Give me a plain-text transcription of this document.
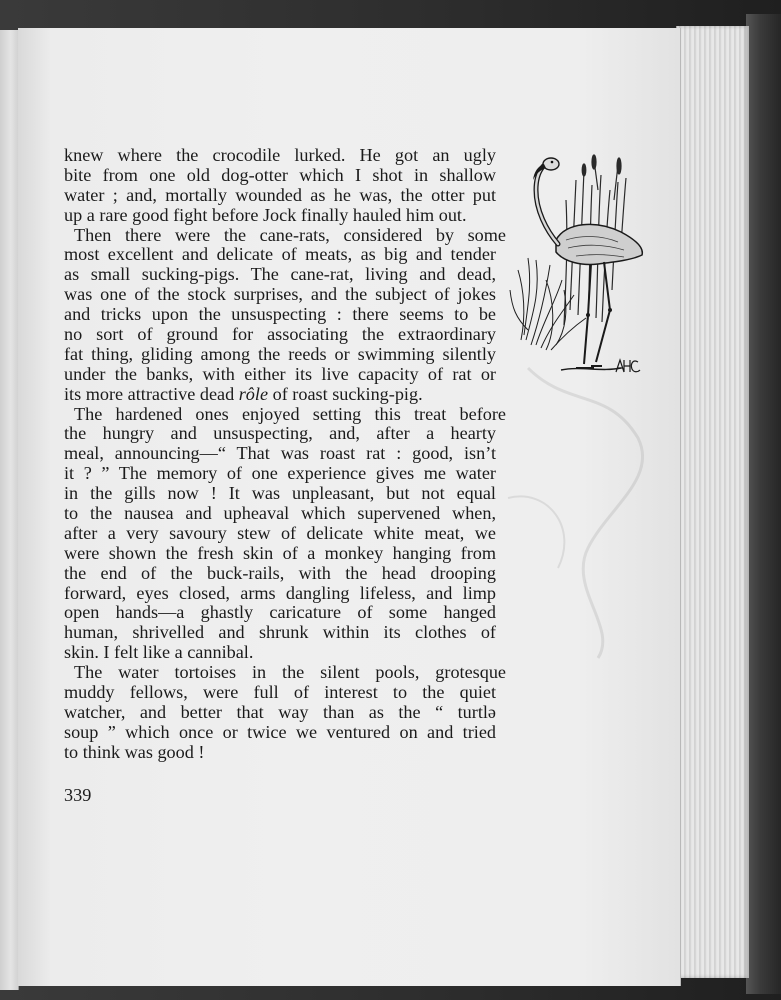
knew where the crocodile lurked. He got an ugly
bite from one old dog-otter which I shot in shallow
water ; and, mortally wounded as he was, the otter put
up a rare good fight before Jock finally hauled him out.
Then there were the cane-rats, considered by some
most excellent and delicate of meats, as big and tender
as small sucking-pigs. The cane-rat, living and dead,
was one of the stock surprises, and the subject of jokes
and tricks upon the unsuspecting : there seems to be
no sort of ground for associating the extraordinary
fat thing, gliding among the reeds or swimming silently
under the banks, with either its live capacity of rat or
its more attractive dead rôle of roast sucking-pig.
The hardened ones enjoyed setting this treat before
the hungry and unsuspecting, and, after a hearty
meal, announcing—“ That was roast rat : good, isn’t
it ? ” The memory of one experience gives me water
in the gills now ! It was unpleasant, but not equal
to the nausea and upheaval which supervened when,
after a very savoury stew of delicate white meat, we
were shown the fresh skin of a monkey hanging from
the end of the buck-rails, with the head drooping
forward, eyes closed, arms dangling lifeless, and limp
open hands—a ghastly caricature of some hanged
human, shrivelled and shrunk within its clothes of
skin. I felt like a cannibal.
The water tortoises in the silent pools, grotesque
muddy fellows, were full of interest to the quiet
watcher, and better that way than as the “ turtlə
soup ” which once or twice we ventured on and tried
to think was good !
339
